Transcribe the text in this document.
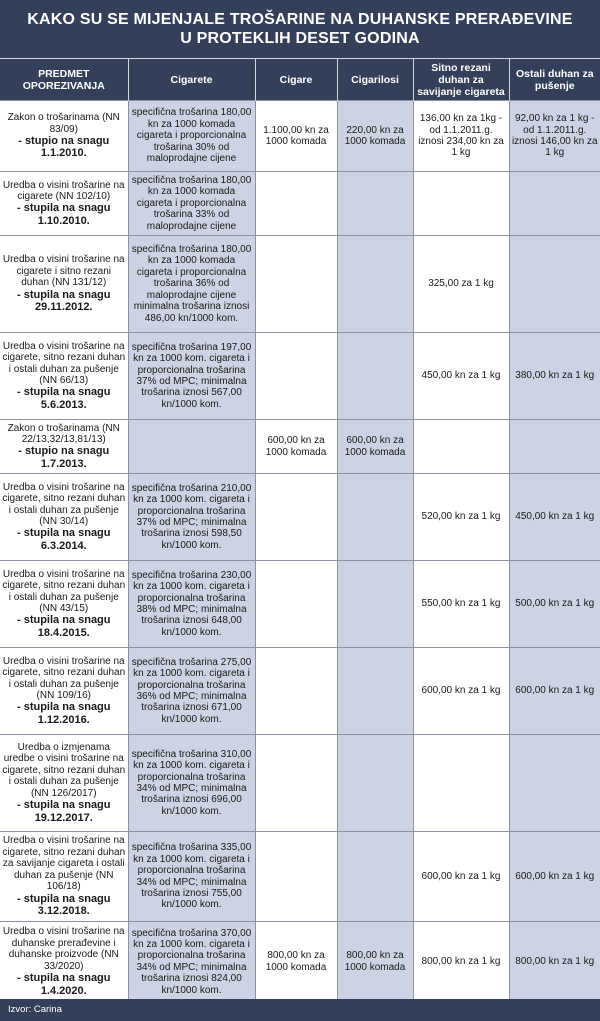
KAKO SU SE MIJENJALE TROŠARINE NA DUHANSKE PRERAĐEVINE
U PROTEKLIH DESET GODINA
PREDMET OPOREZIVANJA	Cigarete	Cigare	Cigarilosi	Sitno rezani duhan za savijanje cigareta	Ostali duhan za pušenje

Zakon o trošarinama (NN 83/09)
- stupio na snagu 1.1.2010.	specifična trošarina 180,00 kn za 1000 komada cigareta i proporcionalna trošarina 30% od maloprodajne cijene	1.100,00 kn za 1000 komada	220,00 kn za 1000 komada	136,00 kn za 1kg - od 1.1.2011.g. iznosi 234,00 kn za 1 kg	92,00 kn za 1 kg - od 1.1.2011.g. iznosi 146,00 kn za 1 kg

Uredba o visini trošarine na cigarete (NN 102/10)
- stupila na snagu 1.10.2010.	specifična trošarina 180,00 kn za 1000 komada cigareta i proporcionalna trošarina 33% od maloprodajne cijene				

Uredba o visini trošarine na cigarete i sitno rezani duhan (NN 131/12)
- stupila na snagu 29.11.2012.	specifična trošarina 180,00 kn za 1000 komada cigareta i proporcionalna trošarina 36% od maloprodajne cijene minimalna trošarina iznosi 486,00 kn/1000 kom.			325,00 za 1 kg	

Uredba o visini trošarine na cigarete, sitno rezani duhan i ostali duhan za pušenje (NN 66/13)
- stupila na snagu 5.6.2013.	specifična trošarina 197,00 kn za 1000 kom. cigareta i proporcionalna trošarina 37% od MPC; minimalna trošarina iznosi 567,00 kn/1000 kom.			450,00 kn za 1 kg	380,00 kn za 1 kg

Zakon o trošarinama (NN 22/13,32/13,81/13)
- stupio na snagu 1.7.2013.		600,00 kn za 1000 komada	600,00 kn za 1000 komada		

Uredba o visini trošarine na cigarete, sitno rezani duhan i ostali duhan za pušenje (NN 30/14)
- stupila na snagu 6.3.2014.	specifična trošarina 210,00 kn za 1000 kom. cigareta i proporcionalna trošarina 37% od MPC; minimalna trošarina iznosi 598,50 kn/1000 kom.			520,00 kn za 1 kg	450,00 kn za 1 kg

Uredba o visini trošarine na cigarete, sitno rezani duhan i ostali duhan za pušenje (NN 43/15)
- stupila na snagu 18.4.2015.	specifična trošarina 230,00 kn za 1000 kom. cigareta i proporcionalna trošarina 38% od MPC; minimalna trošarina iznosi 648,00 kn/1000 kom.			550,00 kn za 1 kg	500,00 kn za 1 kg

Uredba o visini trošarine na cigarete, sitno rezani duhan i ostali duhan za pušenje (NN 109/16)
- stupila na snagu 1.12.2016.	specifična trošarina 275,00 kn za 1000 kom. cigareta i proporcionalna trošarina 36% od MPC; minimalna trošarina iznosi 671,00 kn/1000 kom.			600,00 kn za 1 kg	600,00 kn za 1 kg

Uredba o izmjenama uredbe o visini trošarine na cigarete, sitno rezani duhan i ostali duhan za pušenje (NN 126/2017)
- stupila na snagu 19.12.2017.	specifična trošarina 310,00 kn za 1000 kom. cigareta i proporcionalna trošarina 34% od MPC; minimalna trošarina iznosi 696,00 kn/1000 kom.				

Uredba o visini trošarine na cigarete, sitno rezani duhan za savijanje cigareta i ostali duhan za pušenje (NN 106/18)
- stupila na snagu 3.12.2018.	specifična trošarina 335,00 kn za 1000 kom. cigareta i proporcionalna trošarina 34% od MPC; minimalna trošarina iznosi 755,00 kn/1000 kom.			600,00 kn za 1 kg	600,00 kn za 1 kg

Uredba o visini trošarine na duhanske prerađevine i duhanske proizvode (NN 33/2020)
- stupila na snagu 1.4.2020.	specifična trošarina 370,00 kn za 1000 kom. cigareta i proporcionalna trošarina 34% od MPC; minimalna trošarina iznosi 824,00 kn/1000 kom.	800,00 kn za 1000 komada	800,00 kn za 1000 komada	800,00 kn za 1 kg	800,00 kn za 1 kg
Izvor: Carina
